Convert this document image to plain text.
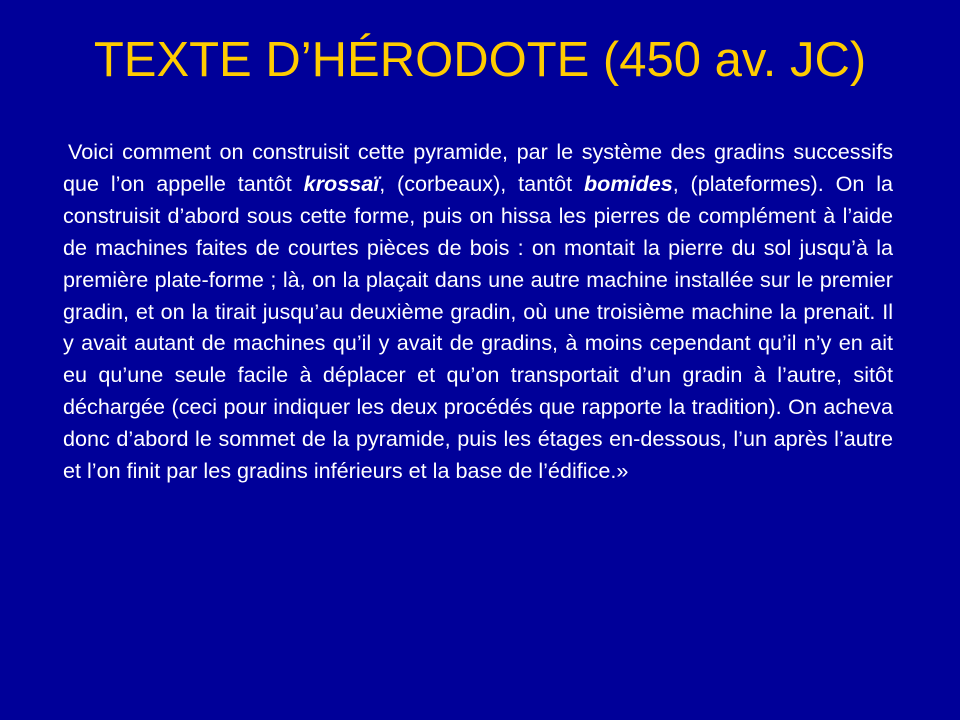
TEXTE D’HÉRODOTE (450 av. JC)

Voici comment on construisit cette pyramide, par le système des gradins successifs que l’on appelle tantôt krossaï, (corbeaux), tantôt bomides, (plateformes). On la construisit d’abord sous cette forme, puis on hissa les pierres de complément à l’aide de machines faites de courtes pièces de bois : on montait la pierre du sol jusqu’à la première plate-forme ; là, on la plaçait dans une autre machine installée sur le premier gradin, et on la tirait jusqu’au deuxième gradin, où une troisième machine la prenait. Il y avait autant de machines qu’il y avait de gradins, à moins cependant qu’il n’y en ait eu qu’une seule facile à déplacer et qu’on transportait d’un gradin à l’autre, sitôt déchargée (ceci pour indiquer les deux procédés que rapporte la tradition). On acheva donc d’abord le sommet de la pyramide, puis les étages en-dessous, l’un après l’autre et l’on finit par les gradins inférieurs et la base de l’édifice.»
